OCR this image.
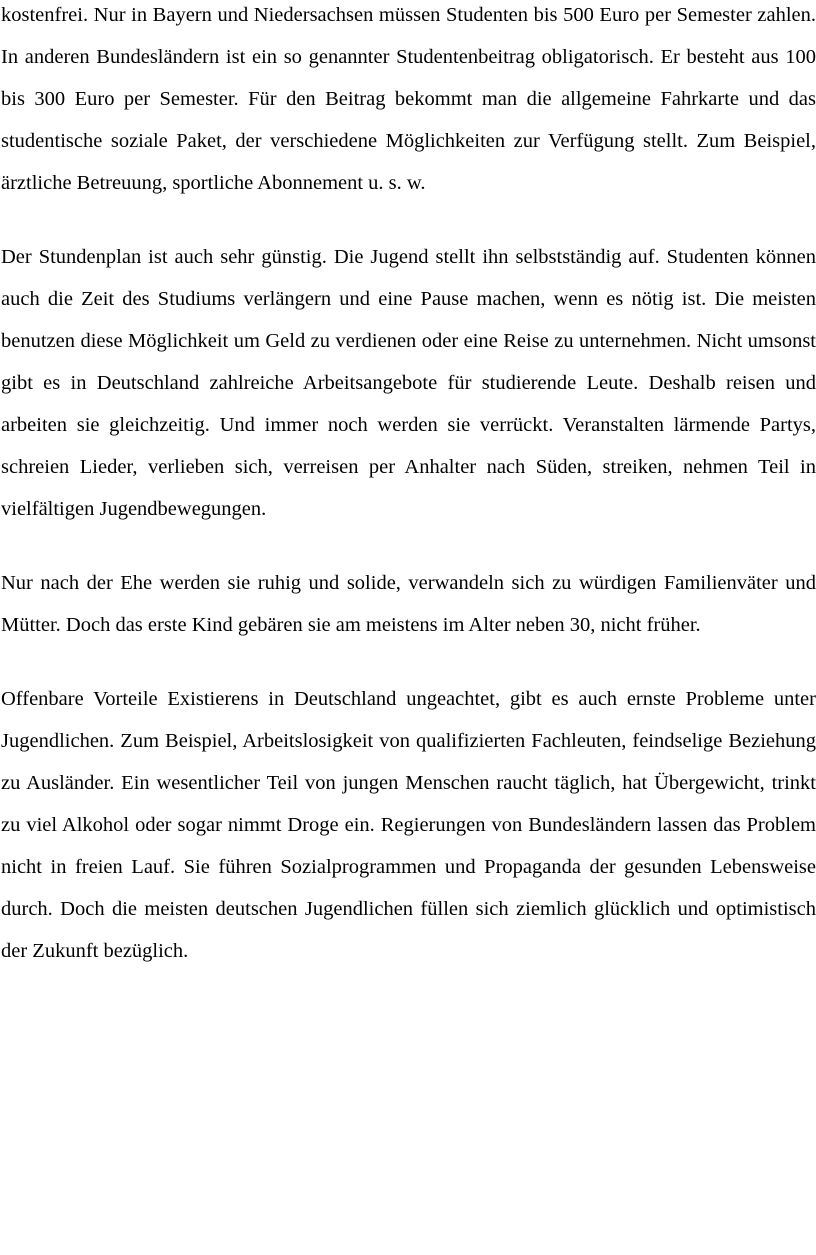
kostenfrei. Nur in Bayern und Niedersachsen müssen Studenten bis 500 Euro per Semester zahlen. In anderen Bundesländern ist ein so genannter Studentenbeitrag obligatorisch. Er besteht aus 100 bis 300 Euro per Semester. Für den Beitrag bekommt man die allgemeine Fahrkarte und das studentische soziale Paket, der verschiedene Möglichkeiten zur Verfügung stellt. Zum Beispiel, ärztliche Betreuung, sportliche Abonnement u. s. w.

Der Stundenplan ist auch sehr günstig. Die Jugend stellt ihn selbstständig auf. Studenten können auch die Zeit des Studiums verlängern und eine Pause machen, wenn es nötig ist. Die meisten benutzen diese Möglichkeit um Geld zu verdienen oder eine Reise zu unternehmen. Nicht umsonst gibt es in Deutschland zahlreiche Arbeitsangebote für studierende Leute. Deshalb reisen und arbeiten sie gleichzeitig. Und immer noch werden sie verrückt. Veranstalten lärmende Partys, schreien Lieder, verlieben sich, verreisen per Anhalter nach Süden, streiken, nehmen Teil in vielfältigen Jugendbewegungen.

Nur nach der Ehe werden sie ruhig und solide, verwandeln sich zu würdigen Familienväter und Mütter. Doch das erste Kind gebären sie am meistens im Alter neben 30, nicht früher.

Offenbare Vorteile Existierens in Deutschland ungeachtet, gibt es auch ernste Probleme unter Jugendlichen. Zum Beispiel, Arbeitslosigkeit von qualifizierten Fachleuten, feindselige Beziehung zu Ausländer. Ein wesentlicher Teil von jungen Menschen raucht täglich, hat Übergewicht, trinkt zu viel Alkohol oder sogar nimmt Droge ein. Regierungen von Bundesländern lassen das Problem nicht in freien Lauf. Sie führen Sozialprogrammen und Propaganda der gesunden Lebensweise durch. Doch die meisten deutschen Jugendlichen füllen sich ziemlich glücklich und optimistisch der Zukunft bezüglich.
